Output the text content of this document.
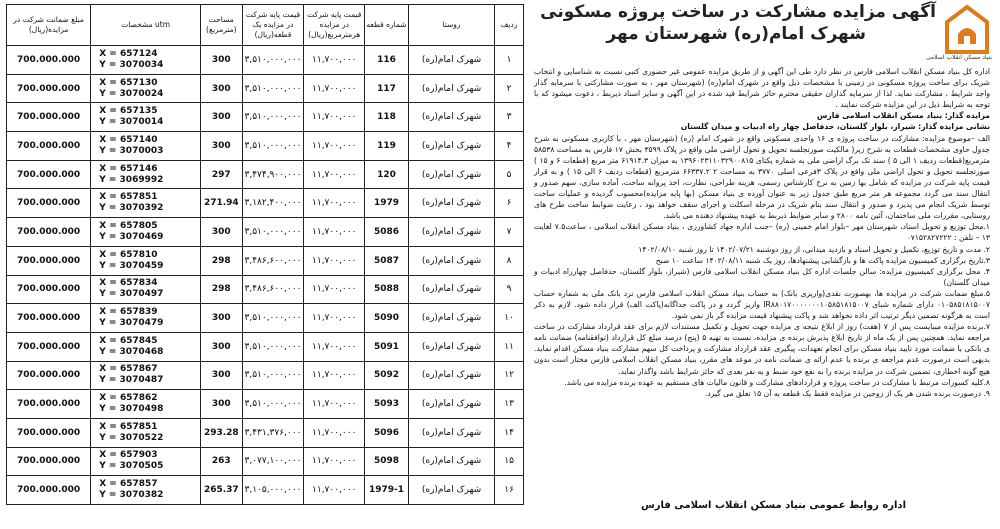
مبلغ ضمانت شرکت در مزایده(ریال)	مشخصات utm	مساحت (مترمربع)	قیمت پایه شرکت در مزایده یک قطعه(ریال)	قیمت پایه شرکت در مزایده هرمترمربع(ریال)	شماره قطعه	روستا	ردیف
700.000.000	X = 657124
Y = 3070034	300	۳,۵۱۰,۰۰۰,۰۰۰	۱۱,۷۰۰,۰۰۰	116	شهرک امام(ره)	۱
700.000.000	X = 657130
Y = 3070024	300	۳,۵۱۰,۰۰۰,۰۰۰	۱۱,۷۰۰,۰۰۰	117	شهرک امام(ره)	۲
700.000.000	X = 657135
Y = 3070014	300	۳,۵۱۰,۰۰۰,۰۰۰	۱۱,۷۰۰,۰۰۰	118	شهرک امام(ره)	۳
700.000.000	X = 657140
Y = 3070003	300	۳,۵۱۰,۰۰۰,۰۰۰	۱۱,۷۰۰,۰۰۰	119	شهرک امام(ره)	۴
700.000.000	X = 657146
Y = 3069992	297	۳,۴۷۴,۹۰۰,۰۰۰	۱۱,۷۰۰,۰۰۰	120	شهرک امام(ره)	۵
700.000.000	X = 657851
Y = 3070392	271.94	۳,۱۸۲,۴۰۰,۰۰۰	۱۱,۷۰۰,۰۰۰	1979	شهرک امام(ره)	۶
700.000.000	X = 657805
Y = 3070469	300	۳,۵۱۰,۰۰۰,۰۰۰	۱۱,۷۰۰,۰۰۰	5086	شهرک امام(ره)	۷
700.000.000	X = 657810
Y = 3070459	298	۳,۴۸۶,۶۰۰,۰۰۰	۱۱,۷۰۰,۰۰۰	5087	شهرک امام(ره)	۸
700.000.000	X = 657834
Y = 3070497	298	۳,۴۸۶,۶۰۰,۰۰۰	۱۱,۷۰۰,۰۰۰	5088	شهرک امام(ره)	۹
700.000.000	X = 657839
Y = 3070479	300	۳,۵۱۰,۰۰۰,۰۰۰	۱۱,۷۰۰,۰۰۰	5090	شهرک امام(ره)	۱۰
700.000.000	X = 657845
Y = 3070468	300	۳,۵۱۰,۰۰۰,۰۰۰	۱۱,۷۰۰,۰۰۰	5091	شهرک امام(ره)	۱۱
700.000.000	X = 657867
Y = 3070487	300	۳,۵۱۰,۰۰۰,۰۰۰	۱۱,۷۰۰,۰۰۰	5092	شهرک امام(ره)	۱۲
700.000.000	X = 657862
Y = 3070498	300	۳,۵۱۰,۰۰۰,۰۰۰	۱۱,۷۰۰,۰۰۰	5093	شهرک امام(ره)	۱۳
700.000.000	X = 657851
Y = 3070522	293.28	۳,۴۳۱,۳۷۶,۰۰۰	۱۱,۷۰۰,۰۰۰	5096	شهرک امام(ره)	۱۴
700.000.000	X = 657903
Y = 3070505	263	۳,۰۷۷,۱۰۰,۰۰۰	۱۱,۷۰۰,۰۰۰	5098	شهرک امام(ره)	۱۵
700.000.000	X = 657857
Y = 3070382	265.37	۳,۱۰۵,۰۰۰,۰۰۰	۱۱,۷۰۰,۰۰۰	1979-1	شهرک امام(ره)	۱۶
بنیاد مسکن انقلاب اسلامی
آگهی مزایده مشارکت در ساخت پروژه مسکونی
شهرک امام(ره) شهرستان مهر

اداره کل بنیاد مسکن انقلاب اسلامی فارس در نظر دارد طی این آگهی و از طریق مزایده عمومی غیر حضوری کتبی نسبت به شناسایی و انتخاب شریک برای ساخت پروژه مسکونی در زمینی با مشخصات ذیل واقع در شهرک امام(ره) (شهرستان مهر ، به صورت مشارکتی با سرمایه گذار واجد شرایط ، مشارکت نماید. لذا از سرمایه گذاران حقیقی محترم حائز شرایط قید شده در این آگهی و سایر اسناد ذیربط ، دعوت میشود که با توجه به شرایط ذیل در این مزایده شرکت نمایند .

مزایده گذار: بنیاد مسکن انقلاب اسلامی فارس

نشانی مزایده گذار: شیراز، بلوار گلستان، حدفاصل چهار راه ادبیات و میدان گلستان

الف –موضوع مزایده: مشارکت در ساخت پروژه ی ۱۶ واحدی مسکونی واقع در شهرک امام (ره) (شهرستان مهر ، با کاربری مسکونی به شرح جدول حاوی مشخصات قطعات به شرح زیر( مالکیت صورتجلسه تحویل و تحول اراضی ملی واقع در پلاک ۳۵۹۹ بخش ۱۷ فارس به مساحت ۵۸۵۳۸ مترمربع(قطعات ردیف ۱ الی ۵ ) سند تک برگ اراضی ملی به شماره یکتای ۱۳۹۶۰۲۳۱۱۰۳۲۹۰۰۸۱۵ به میزان ۶۱۹۱۴.۳ متر مربع (قطعات ۶ و ۱۵ ) صورتجلسه تحویل و تحول اراضی ملی واقع در پلاک ۳فرعی اصلی ۳۷۷۰ به مساحت ۲ ۶۶۳۳۷.۲ مترمربع (قطعات ردیف ۶ الی ۱۵ ) و به قرار قیمت پایه شرکت در مزایده که شامل بها زمین به نرخ کارشناس رسمی، هزینه طراحی، نظارت، اخذ پروانه ساخت، آماده سازی، سهم صدور و انتقال سند می گردد مجموعه هر متر مربع طبق جدول زیر به عنوان آورده ی بنیاد مسکن (بها پایه مزایده)محسوب گردیده و عملیات ساخت توسط شریک انجام می پذیرد و صدور و انتقال سند بنام شریک در مرحله اسکلت و اجرای سقف خواهد بود ، رعایت ضوابط ساخت طرح های روستایی، مقررات ملی ساختمان، آئین نامه ۲۸۰۰ و سایر ضوابط ذیربط به عهده پیشنهاد دهنده می باشد.

۱.محل توزیع و تحویل اسناد، شهرستان مهر –بلوار امام خمینی (ره) –جنب اداره جهاد کشاورزی ، بنیاد مسکن انقلاب اسلامی ، ساعت۷.۵ لغایت ۱۳ – تلفن : ۰۷۱۵۲۸۲۷۲۲۲

۲. مدت و تاریخ توزیع، تکمیل و تحویل اسناد و بازدید میدانی، از روز دوشنبه ۱۴۰۲/۰۷/۲۱ تا روز شنبه ۱۴۰۲/۰۸/۱۰

۳.تاریخ برگزاری کمیسیون مزایده پاکت ها و بازگشایی پیشنهادها، روز یک شنبه ۱۴۰۲/۰۸/۱۱ ساعت ۱۰ صبح

۴. محل برگزاری کمیسیون مزایده: سالن جلسات اداره کل بنیاد مسکن انقلاب اسلامی فارس (شیراز، بلوار گلستان، حدفاصل چهارراه ادبیات و میدان گلستان)

۵.مبلغ ضمانت شرکت در مزایده ها، بهصورت نقدی(واریزی بانک) به حساب بنیاد مسکن انقلاب اسلامی فارس نزد بانک ملی به شماره حساب ۰۱۰۵۸۵۱۸۱۵۰۰۷ دارای شماره شبای IR۸۸۰۱۷۰۰۰۰۰۰۰۱۰۵۸۵۱۸۱۵۰۰۷ واریز گردد و در پاکت جداگانه(پاکت الف) قرار داده شود. لازم به ذکر است به هرگونه تضمین دیگر ترتیب اثر داده نخواهد شد و پاکت پیشنهاد قیمت مزایده گر باز نمی شود.

۷.برنده مزایده میبایست پس از ۷ (هفت) روز از ابلاغ نتیجه ی مزایده جهت تحویل و تکمیل مستندات لازم برای عقد قرارداد مشارکت در ساخت مراجعه نماید. همچنین پس از یک ماه از تاریخ ابلاغ پذیرش برنده ی مزایده، نسبت به تهیه ۵ (پنج) درصد مبلغ کل قرارداد (توافقنامه) ضمانت نامه ی بانکی یا ضمانت مورد تایید بنیاد مسکن برای انجام تعهدات، پیگیری عقد قرارداد مشارکت و پرداخت کل سهم مشارکت بنیاد مسکن اقدام نماید. بدیهی است درصورت عدم مراجعه ی برنده یا عدم ارائه ی ضمانت نامه در موعد های مقرر، بنیاد مسکن انقلاب اسلامی فارس مختار است بدون هیچ گونه اخطاری، تضمین شرکت در مزایده برنده را به نفع خود ضبط و به نفر بعدی که حائز شرایط باشد واگذار نماید.

۸.کلیه کسورات مرتبط با مشارکت در ساخت پروژه و قراردادهای مشارکت و قانون مالیات های مستقیم به عهده برنده مزایده می باشد.

۹. درصورت برنده شدن هر یک از زوجین در مزایده فقط یک قطعه به آن ۱۵ تعلق می گیرد.

اداره روابط عمومی بنیاد مسکن انقلاب اسلامی فارس
